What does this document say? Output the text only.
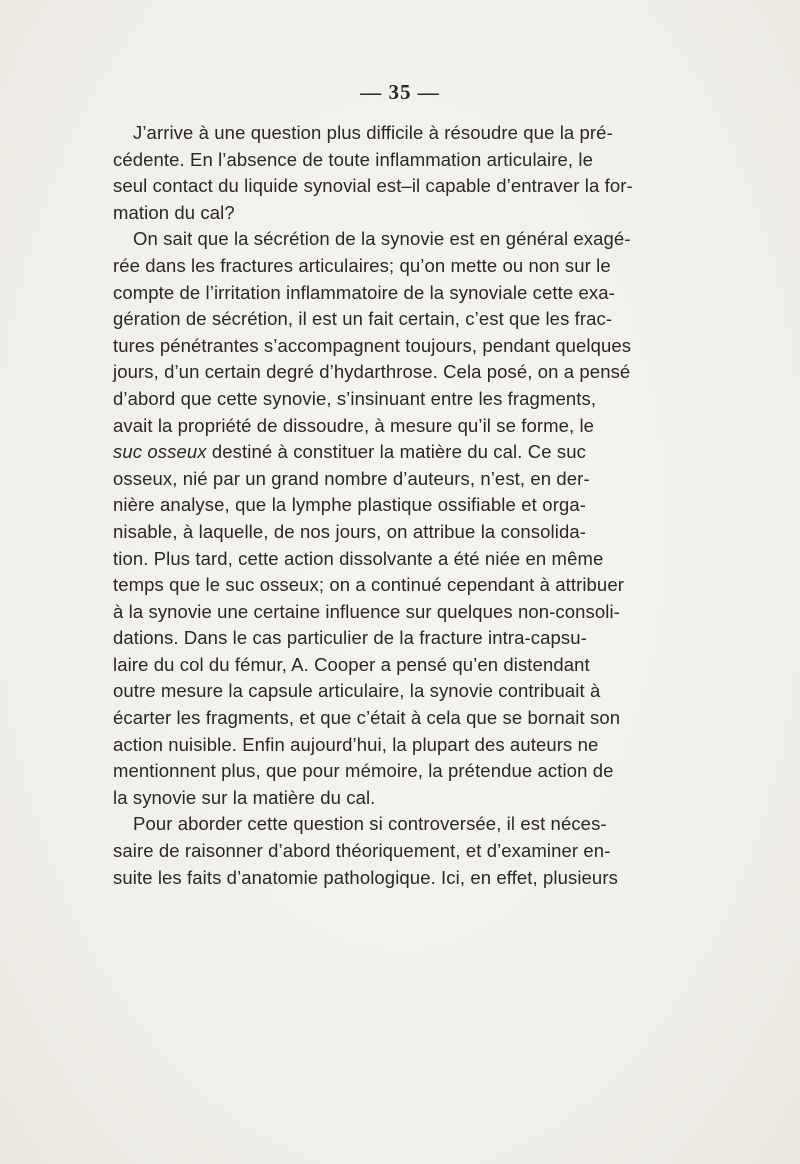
— 35 —
J’arrive à une question plus difficile à résoudre que la pré-
cédente. En l’absence de toute inflammation articulaire, le
seul contact du liquide synovial est–il capable d’entraver la for-
mation du cal?
On sait que la sécrétion de la synovie est en général exagé-
rée dans les fractures articulaires; qu’on mette ou non sur le
compte de l’irritation inflammatoire de la synoviale cette exa-
gération de sécrétion, il est un fait certain, c’est que les frac-
tures pénétrantes s’accompagnent toujours, pendant quelques
jours, d’un certain degré d’hydarthrose. Cela posé, on a pensé
d’abord que cette synovie, s’insinuant entre les fragments,
avait la propriété de dissoudre, à mesure qu’il se forme, le
suc osseux destiné à constituer la matière du cal. Ce suc
osseux, nié par un grand nombre d’auteurs, n’est, en der-
nière analyse, que la lymphe plastique ossifiable et orga-
nisable, à laquelle, de nos jours, on attribue la consolida-
tion. Plus tard, cette action dissolvante a été niée en même
temps que le suc osseux; on a continué cependant à attribuer
à la synovie une certaine influence sur quelques non-consoli-
dations. Dans le cas particulier de la fracture intra-capsu-
laire du col du fémur, A. Cooper a pensé qu’en distendant
outre mesure la capsule articulaire, la synovie contribuait à
écarter les fragments, et que c’était à cela que se bornait son
action nuisible. Enfin aujourd’hui, la plupart des auteurs ne
mentionnent plus, que pour mémoire, la prétendue action de
la synovie sur la matière du cal.
Pour aborder cette question si controversée, il est néces-
saire de raisonner d’abord théoriquement, et d’examiner en-
suite les faits d’anatomie pathologique. Ici, en effet, plusieurs
